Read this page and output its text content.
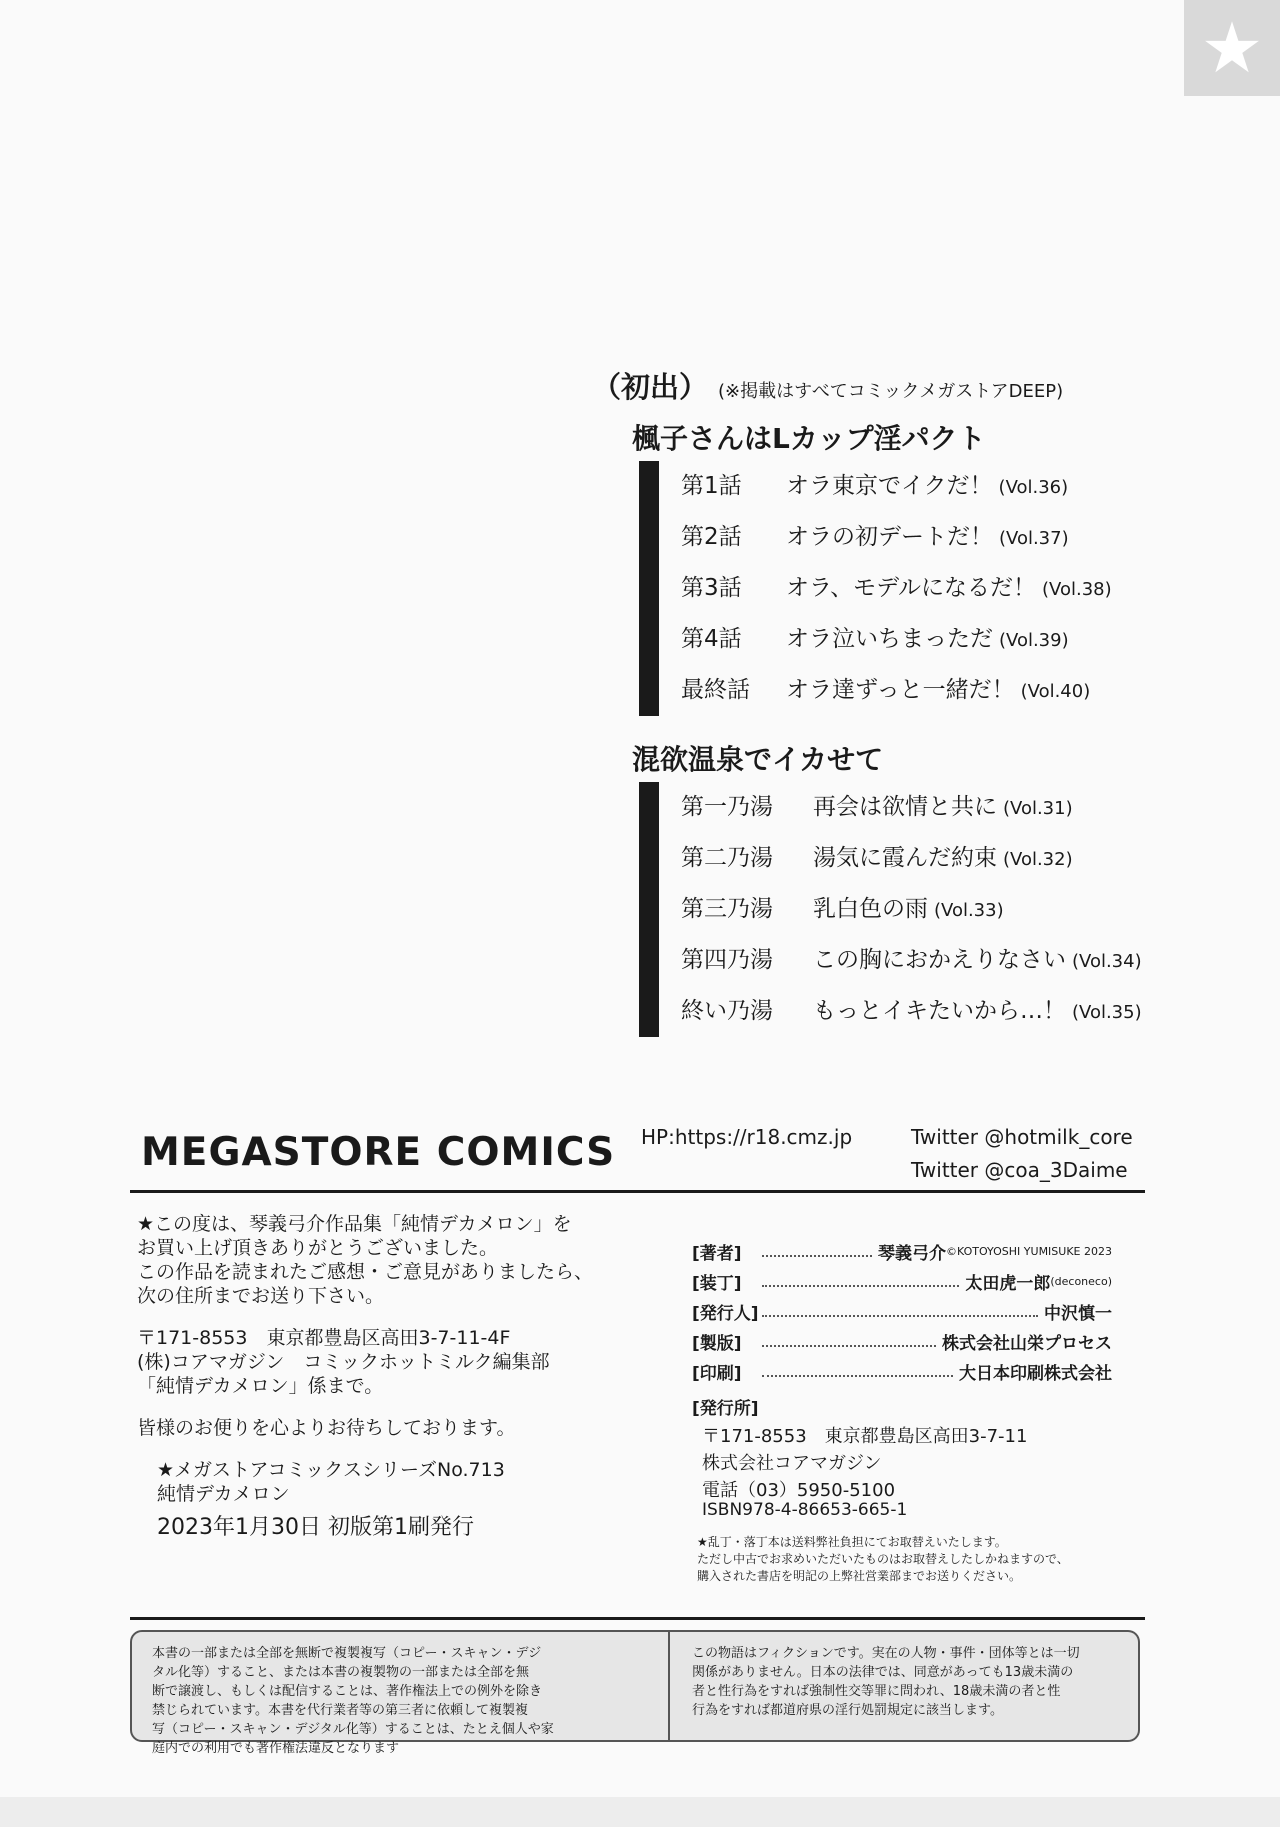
★
（初出） (※掲載はすべてコミックメガストアDEEP)
楓子さんはLカップ淫パクト
第1話	オラ東京でイクだ！ (Vol.36)
第2話	オラの初デートだ！ (Vol.37)
第3話	オラ、モデルになるだ！ (Vol.38)
第4話	オラ泣いちまっただ (Vol.39)
最終話	オラ達ずっと一緒だ！ (Vol.40)
混欲温泉でイカせて
第一乃湯	再会は欲情と共に (Vol.31)
第二乃湯	湯気に霞んだ約束 (Vol.32)
第三乃湯	乳白色の雨 (Vol.33)
第四乃湯	この胸におかえりなさい (Vol.34)
終い乃湯	もっとイキたいから…！ (Vol.35)
MEGASTORE COMICS HP:https://r18.cmz.jp	Twitter @hotmilk_core
Twitter @coa_3Daime

★この度は、琴義弓介作品集「純情デカメロン」を

お買い上げ頂きありがとうございました。

この作品を読まれたご感想・ご意見がありましたら、

次の住所までお送り下さい。

〒171-8553　東京都豊島区高田3-7-11-4F

(株)コアマガジン　コミックホットミルク編集部

「純情デカメロン」係まで。

皆様のお便りを心よりお待ちしております。

★メガストアコミックスシリーズNo.713

純情デカメロン

2023年1月30日 初版第1刷発行

[著者]	琴義弓介 ©KOTOYOSHI YUMISUKE 2023
[装丁]	太田虎一郎 (deconeco)
[発行人]	中沢慎一
[製版]	株式会社山栄プロセス
[印刷]	大日本印刷株式会社
[発行所]
〒171-8553　東京都豊島区高田3-7-11
株式会社コアマガジン
電話（03）5950-5100
ISBN978-4-86653-665-1
★乱丁・落丁本は送料弊社負担にてお取替えいたします。
ただし中古でお求めいただいたものはお取替えしたしかねますので、
購入された書店を明記の上弊社営業部までお送りください。
本書の一部または全部を無断で複製複写（コピー・スキャン・デジ
タル化等）すること、または本書の複製物の一部または全部を無
断で譲渡し、もしくは配信することは、著作権法上での例外を除き
禁じられています。本書を代行業者等の第三者に依頼して複製複
写（コピー・スキャン・デジタル化等）することは、たとえ個人や家
庭内での利用でも著作権法違反となります
この物語はフィクションです。実在の人物・事件・団体等とは一切
関係がありません。日本の法律では、同意があっても13歳未満の
者と性行為をすれば強制性交等罪に問われ、18歳未満の者と性
行為をすれば都道府県の淫行処罰規定に該当します。
